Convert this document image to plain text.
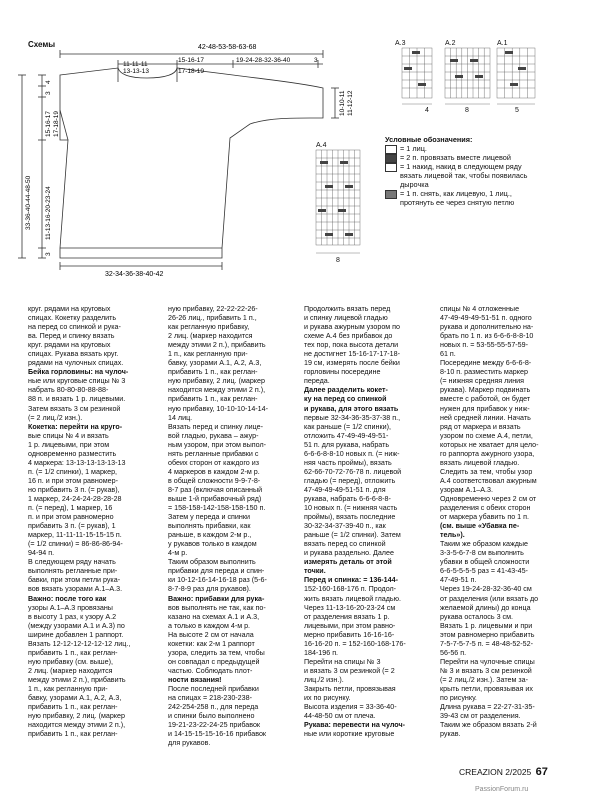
42-48-53-58-63-68
11-11-11
13-13-13
15-16-17
17-18-19
19-24-28-32-36-40	3
4
3
15-16-17 17-18-19
33-36-40-44-48-50 11-13-16-20-23-24
3
10-10-11 11-12-12
32-34-36-38-40-42
A.3	A.2	A.1
A.4
4	8	5
8
Схемы
Условные обозначения:
= 1 лиц.
= 2 п. провязать вместе лицевой
= 1 накид, накид в следующем ряду
вязать лицевой так, чтобы появилась
дырочка
= 1 п. снять, как лицевую, 1 лиц.,
протянуть ее через снятую петлю
круг. рядами на круговых
спицах. Кокетку разделить
на перед со спинкой и рука-
ва. Перед и спинку вязать
круг. рядами на круговых
спицах. Рукава вязать круг.
рядами на чулочных спицах.
Бейка горловины: на чулоч-
ные или круговые спицы № 3
набрать 80-80-80-88-88-
88 п. и вязать 1 р. лицевыми.
Затем вязать 3 см резинкой
(= 2 лиц./2 изн.).
Кокетка: перейти на круго-
вые спицы № 4 и вязать
1 р. лицевыми, при этом
одновременно разместить
4 маркера: 13-13-13-13-13-13
п. (= 1/2 спинки), 1 маркер,
16 п. и при этом равномер-
но прибавить 3 п. (= рукав),
1 маркер, 24-24-24-28-28-28
п. (= перед), 1 маркер, 16
п. и при этом равномерно
прибавить 3 п. (= рукав), 1
маркер, 11-11-11-15-15-15 п.
(= 1/2 спинки) = 86-86-86-94-
94-94 п.
В следующем ряду начать
выполнять регланные при-
бавки, при этом петли рука-
вов вязать узорами А.1–А.3.
Важно: после того как
узоры А.1–А.3 провязаны
в высоту 1 раз, к узору А.2
(между узорами А.1 и А.3) по
ширине добавлен 1 раппорт.
Вязать 12-12-12-12-12-12 лиц.,
прибавить 1 п., как реглан-
ную прибавку (см. выше),
2 лиц. (маркер находится
между этими 2 п.), прибавить
1 п., как регланную при-
бавку, узорами А.1, А.2, А.3,
прибавить 1 п., как реглан-
ную прибавку, 2 лиц. (маркер
находится между этими 2 п.),
прибавить 1 п., как реглан-
ную прибавку, 22-22-22-26-
26-26 лиц., прибавить 1 п.,
как регланную прибавку,
2 лиц. (маркер находится
между этими 2 п.), прибавить
1 п., как регланную при-
бавку, узорами А.1, А.2, А.3,
прибавить 1 п., как реглан-
ную прибавку, 2 лиц. (маркер
находится между этими 2 п.),
прибавить 1 п., как реглан-
ную прибавку, 10-10-10-14-14-
14 лиц.
Вязать перед и спинку лице-
вой гладью, рукава – ажур-
ным узором, при этом выпол-
нять регланные прибавки с
обеих сторон от каждого из
4 маркеров в каждом 2-м р.
в общей сложности 9-9-7-8-
8-7 раз (включая описанный
выше 1-й прибавочный ряд)
= 158-158-142-158-158-150 п.
Затем у переда и спинки
выполнять прибавки, как
раньше, в каждом 2-м р.,
у рукавов только в каждом
4-м р.
Таким образом выполнить
прибавки для переда и спин-
ки 10-12-16-14-16-18 раз (5-6-
8-7-8-9 раз для рукавов).
Важно: прибавки для рука-
вов выполнять не так, как по-
казано на схемах А.1 и А.3,
а только в каждом 4-м р.
На высоте 2 см от начала
кокетки: как 2-м 1 раппорт
узора, следить за тем, чтобы
он совпадал с предыдущей
частью. Соблюдать плот-
ности вязания!
После последней прибавки
на спицах = 218-230-238-
242-254-258 п., для переда
и спинки было выполнено
19-21-23-22-24-25 прибавок
и 14-15-15-15-16-16 прибавок
для рукавов.
Продолжить вязать перед
и спинку лицевой гладью
и рукава ажурным узором по
схеме А.4 без прибавок до
тех пор, пока высота детали
не достигнет 15-16-17-17-18-
19 см, измерять после бейки
горловины посередине
переда.
Далее разделить кокет-
ку на перед со спинкой
и рукава, для этого вязать
первые 32-34-36-35-37-38 п.,
как раньше (= 1/2 спинки),
отложить 47-49-49-49-51-
51 п. для рукава, набрать
6-6-6-8-8-10 новых п. (= ниж-
няя часть проймы), вязать
62-66-70-72-76-78 п. лицевой
гладью (= перед), отложить
47-49-49-49-51-51 п. для
рукава, набрать 6-6-6-8-8-
10 новых п. (= нижняя часть
проймы), вязать последние
30-32-34-37-39-40 п., как
раньше (= 1/2 спинки). Затем
вязать перед со спинкой
и рукава раздельно. Далее
измерять деталь от этой
точки.
Перед и спинка: = 136-144-
152-160-168-176 п. Продол-
жить вязать лицевой гладью.
Через 11-13-16-20-23-24 см
от разделения вязать 1 р.
лицевыми, при этом равно-
мерно прибавить 16-16-16-
16-16-20 п. = 152-160-168-176-
184-196 п.
Перейти на спицы № 3
и вязать 3 см резинкой (= 2
лиц./2 изн.).
Закрыть петли, провязывая
их по рисунку.
Высота изделия = 33-36-40-
44-48-50 см от плеча.
Рукава: перевести на чулоч-
ные или короткие круговые
спицы № 4 отложенные
47-49-49-49-51-51 п. одного
рукава и дополнительно на-
брать по 1 п. из 6-6-6-8-8-10
новых п. = 53-55-55-57-59-
61 п.
Посередине между 6-6-6-8-
8-10 п. разместить маркер
(= нижняя средняя линия
рукава). Маркер подвинать
вместе с работой, он будет
нужен для прибавок у ниж-
ней средней линии. Начать
ряд от маркера и вязать
узором по схеме А.4, петли,
которых не хватает для цело-
го раппорта ажурного узора,
вязать лицевой гладью.
Следить за тем, чтобы узор
А.4 соответствовал ажурным
узорам А.1–А.3.
Одновременно через 2 см от
разделения с обеих сторон
от маркера убавить по 1 п.
(см. выше «Убавка пе-
тель»).
Таким же образом каждые
3-3-5-6-7-8 см выполнить
убавки в общей сложности
6-6-5-5-5-5 раз = 41-43-45-
47-49-51 п.
Через 19-24-28-32-36-40 см
от разделения (или вязать до
желаемой длины) до конца
рукава осталось 3 см.
Вязать 1 р. лицевыми и при
этом равномерно прибавить
7-5-7-5-7-5 п. = 48-48-52-52-
56-56 п.
Перейти на чулочные спицы
№ 3 и вязать 3 см резинкой
(= 2 лиц./2 изн.). Затем за-
крыть петли, провязывая их
по рисунку.
Длина рукава = 22-27-31-35-
39-43 см от разделения.
Таким же образом вязать 2-й
рукав.
CREAZION 2/2025 67
PassionForum.ru
